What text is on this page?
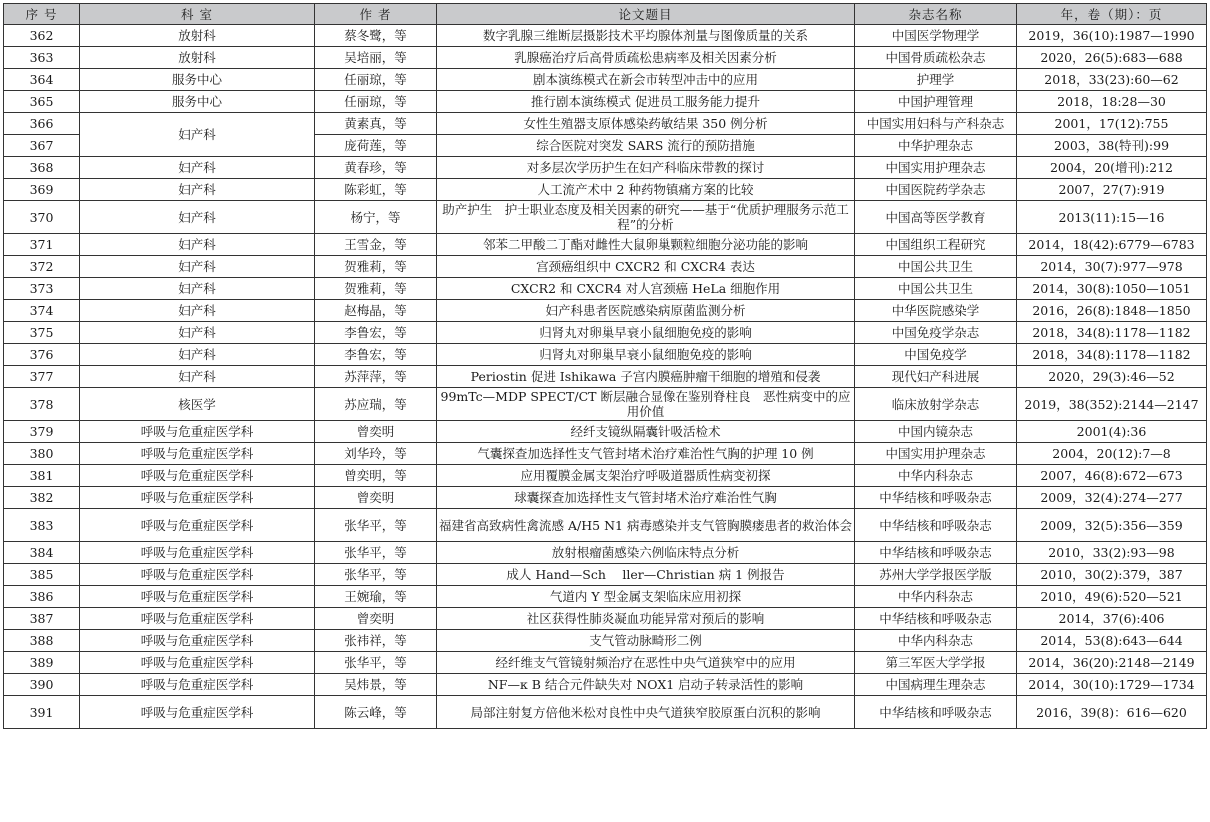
序 号	科 室	作 者	论文题目	杂志名称	年，卷（期）：页
362	放射科	蔡冬鹭，等	数字乳腺三维断层摄影技术平均腺体剂量与图像质量的关系	中国医学物理学	2019，36(10):1987—1990
363	放射科	吴培丽，等	乳腺癌治疗后高骨质疏松患病率及相关因素分析	中国骨质疏松杂志	2020，26(5):683—688
364	服务中心	任丽琼，等	剧本演练模式在新会市转型冲击中的应用	护理学	2018，33(23):60—62
365	服务中心	任丽琼，等	推行剧本演练模式 促进员工服务能力提升	中国护理管理	2018，18:28—30
366	妇产科	黄素真，等	女性生殖器支原体感染药敏结果 350 例分析	中国实用妇科与产科杂志	2001，17(12):755
367		庞荷莲，等	综合医院对突发 SARS 流行的预防措施	中华护理杂志	2003，38(特刊):99
368	妇产科	黄春珍，等	对多层次学历护生在妇产科临床带教的探讨	中国实用护理杂志	2004，20(增刊):212
369	妇产科	陈彩虹，等	人工流产术中 2 种药物镇痛方案的比较	中国医院药学杂志	2007，27(7):919
370	妇产科	杨宁，等	助产护生　护士职业态度及相关因素的研究——基于“优质护理服务示范工程”的分析	中国高等医学教育	2013(11):15—16
371	妇产科	王雪金，等	邻苯二甲酸二丁酯对雌性大鼠卵巢颗粒细胞分泌功能的影响	中国组织工程研究	2014，18(42):6779—6783
372	妇产科	贺雅莉，等	宫颈癌组织中 CXCR2 和 CXCR4 表达	中国公共卫生	2014，30(7):977—978
373	妇产科	贺雅莉，等	CXCR2 和 CXCR4 对人宫颈癌 HeLa 细胞作用	中国公共卫生	2014，30(8):1050—1051
374	妇产科	赵梅晶，等	妇产科患者医院感染病原菌监测分析	中华医院感染学	2016，26(8):1848—1850
375	妇产科	李鲁宏，等	归肾丸对卵巢早衰小鼠细胞免疫的影响	中国免疫学杂志	2018，34(8):1178—1182
376	妇产科	李鲁宏，等	归肾丸对卵巢早衰小鼠细胞免疫的影响	中国免疫学	2018，34(8):1178—1182
377	妇产科	苏萍萍，等	Periostin 促进 Ishikawa 子宫内膜癌肿瘤干细胞的增殖和侵袭	现代妇产科进展	2020，29(3):46—52
378	核医学	苏应瑞，等	99mTc—MDP SPECT/CT 断层融合显像在鉴别脊柱良　恶性病变中的应用价值	临床放射学杂志	2019，38(352):2144—2147
379	呼吸与危重症医学科	曾奕明	经纤支镜纵隔囊针吸活检术	中国内镜杂志	2001(4):36
380	呼吸与危重症医学科	刘华玲，等	气囊探查加选择性支气管封堵术治疗难治性气胸的护理 10 例	中国实用护理杂志	2004，20(12):7—8
381	呼吸与危重症医学科	曾奕明，等	应用覆膜金属支架治疗呼吸道器质性病变初探	中华内科杂志	2007，46(8):672—673
382	呼吸与危重症医学科	曾奕明	球囊探查加选择性支气管封堵术治疗难治性气胸	中华结核和呼吸杂志	2009，32(4):274—277
383	呼吸与危重症医学科	张华平，等	福建省高致病性禽流感 A/H5 N1 病毒感染并支气管胸膜瘘患者的救治体会	中华结核和呼吸杂志	2009，32(5):356—359
384	呼吸与危重症医学科	张华平，等	放射根瘤菌感染六例临床特点分析	中华结核和呼吸杂志	2010，33(2):93—98
385	呼吸与危重症医学科	张华平，等	成人 Hand—Sch　 ller—Christian 病 1 例报告	苏州大学学报医学版	2010，30(2):379，387
386	呼吸与危重症医学科	王婉瑜，等	气道内 Y 型金属支架临床应用初探	中华内科杂志	2010，49(6):520—521
387	呼吸与危重症医学科	曾奕明	社区获得性肺炎凝血功能异常对预后的影响	中华结核和呼吸杂志	2014，37(6):406
388	呼吸与危重症医学科	张祎祥，等	支气管动脉畸形二例	中华内科杂志	2014，53(8):643—644
389	呼吸与危重症医学科	张华平，等	经纤维支气管镜射频治疗在恶性中央气道狭窄中的应用	第三军医大学学报	2014，36(20):2148—2149
390	呼吸与危重症医学科	吴炜景，等	NF—κ B 结合元件缺失对 NOX1 启动子转录活性的影响	中国病理生理杂志	2014，30(10):1729—1734
391	呼吸与危重症医学科	陈云峰，等	局部注射复方倍他米松对良性中央气道狭窄胶原蛋白沉积的影响	中华结核和呼吸杂志	2016，39(8)：616—620
